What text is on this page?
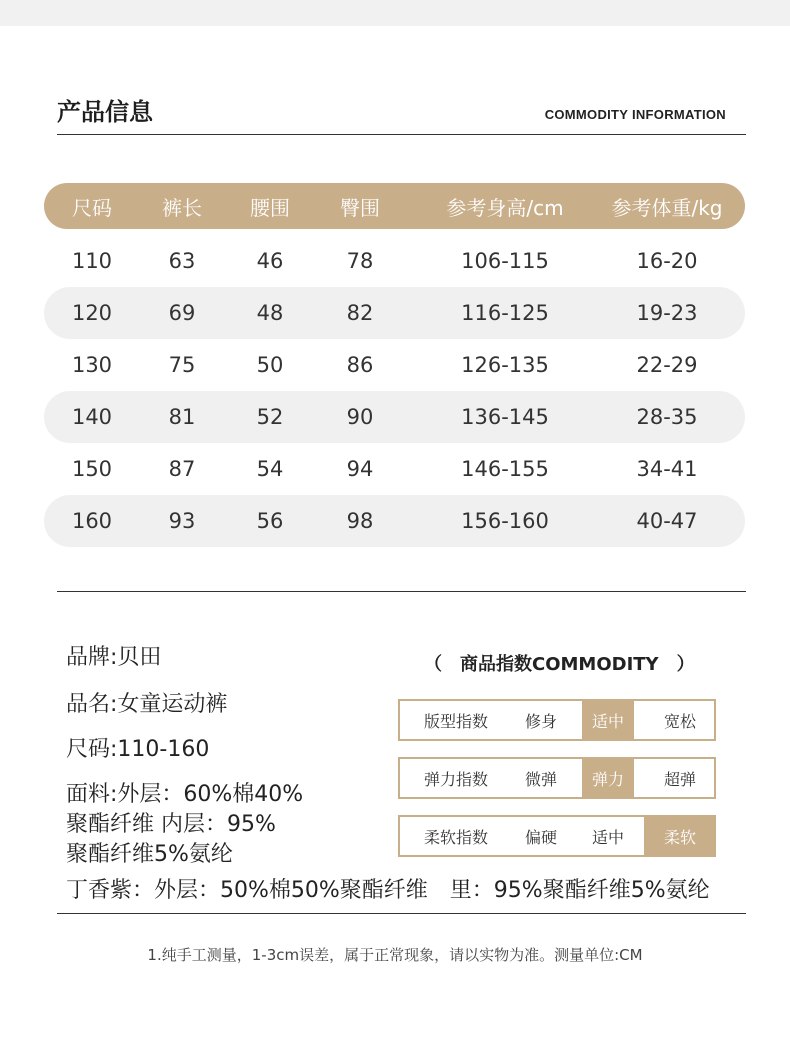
产品信息	COMMODITY INFORMATION
尺码	裤长	腰围	臀围	参考身高/cm	参考体重/kg
110	63	46	78	106-115	16-20
120	69	48	82	116-125	19-23
130	75	50	86	126-135	22-29
140	81	52	90	136-145	28-35
150	87	54	94	146-155	34-41
160	93	56	98	156-160	40-47
品牌:贝田
品名:女童运动裤
尺码:110-160
面料:外层：60%棉40%
聚酯纤维 内层：95%
聚酯纤维5%氨纶
丁香紫：外层：50%棉50%聚酯纤维　里：95%聚酯纤维5%氨纶
（　商品指数COMMODITY　）
版型指数	修身	适中	宽松
弹力指数	微弹	弹力	超弹
柔软指数	偏硬	适中	柔软
1.纯手工测量，1-3cm误差，属于正常现象，请以实物为准。测量单位:CM
